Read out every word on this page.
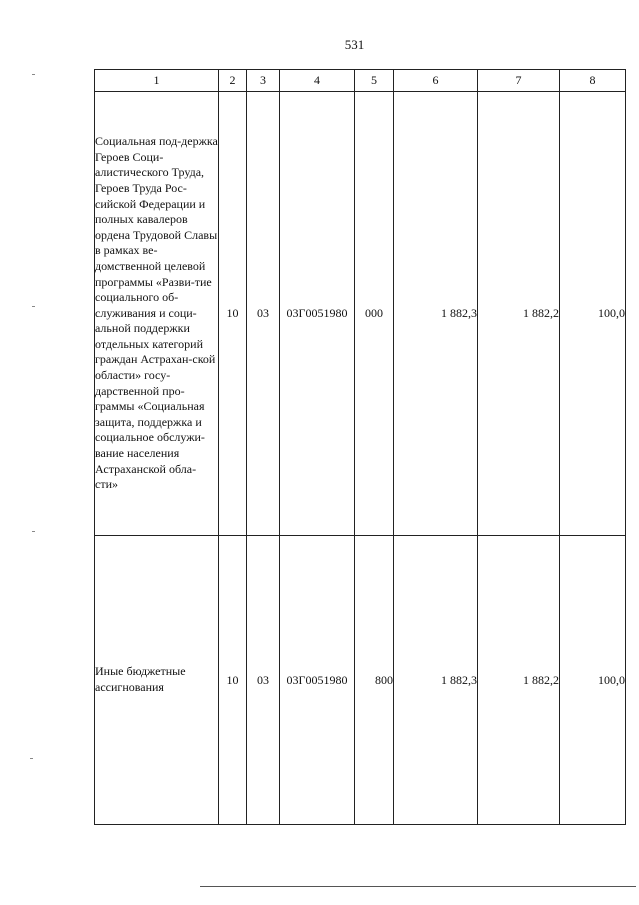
531
1	2	3	4	5	6	7	8
Социальная под-держка Героев Соци-алистического Труда, Героев Труда Рос-сийской Федерации и полных кавалеров ордена Трудовой Славы в рамках ве-домственной целевой программы «Разви-тие социального об-служивания и соци-альной поддержки отдельных категорий граждан Астрахан-ской области» госу-дарственной про-граммы «Социальная защита, поддержка и социальное обслужи-вание населения Астраханской обла-сти»	10	03	03Г0051980	000	1 882,3	1 882,2	100,0
Иные бюджетные ассигнования	10	03	03Г0051980	800	1 882,3	1 882,2	100,0
